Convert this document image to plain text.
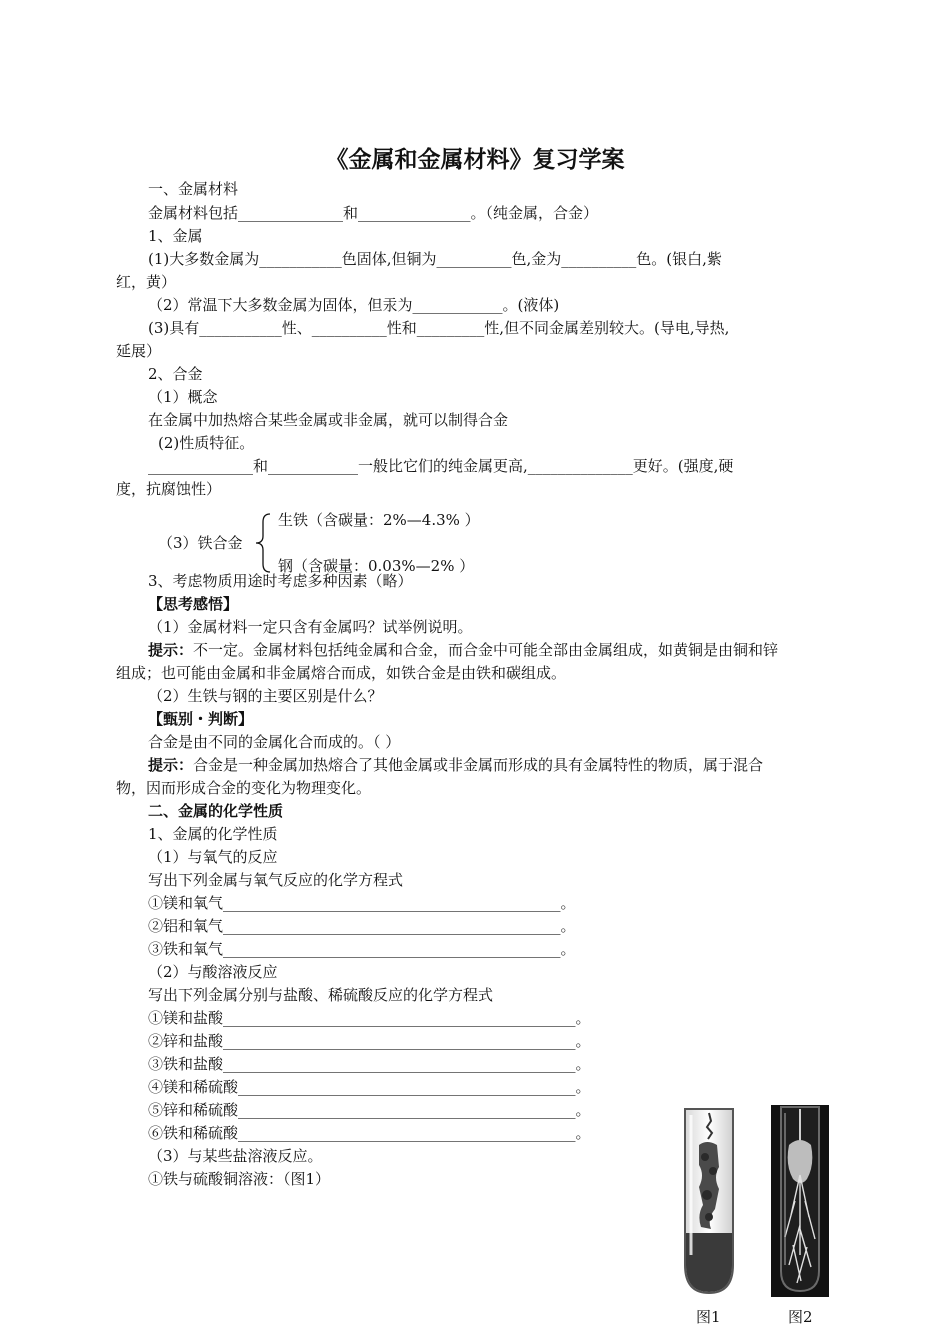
《金属和金属材料》复习学案
一、金属材料
金属材料包括______________和_______________。（纯金属，合金）
1、金属
(1)大多数金属为___________色固体,但铜为__________色,金为__________色。(银白,紫
红，黄）
（2）常温下大多数金属为固体，但汞为____________。(液体)
(3)具有___________性、__________性和_________性,但不同金属差别较大。(导电,导热,
延展）
2、合金
（1）概念
在金属中加热熔合某些金属或非金属，就可以制得合金
(2)性质特征。
______________和____________一般比它们的纯金属更高,______________更好。(强度,硬
度，抗腐蚀性）
（3）铁合金
生铁（含碳量：2%—4.3% ）
钢（含碳量：0.03%—2% ）
3、考虑物质用途时考虑多种因素（略）
【思考感悟】
（1）金属材料一定只含有金属吗？试举例说明。
提示：不一定。金属材料包括纯金属和合金，而合金中可能全部由金属组成，如黄铜是由铜和锌
组成；也可能由金属和非金属熔合而成，如铁合金是由铁和碳组成。
（2）生铁与钢的主要区别是什么？
【甄别・判断】
合金是由不同的金属化合而成的。（ ）
提示：合金是一种金属加热熔合了其他金属或非金属而形成的具有金属特性的物质，属于混合
物，因而形成合金的变化为物理变化。
二、金属的化学性质
1、金属的化学性质
（1）与氧气的反应
写出下列金属与氧气反应的化学方程式
①镁和氧气_____________________________________________。
②铝和氧气_____________________________________________。
③铁和氧气_____________________________________________。
（2）与酸溶液反应
写出下列金属分别与盐酸、稀硫酸反应的化学方程式
①镁和盐酸_______________________________________________。
②锌和盐酸_______________________________________________。
③铁和盐酸_______________________________________________。
④镁和稀硫酸_____________________________________________。
⑤锌和稀硫酸_____________________________________________。
⑥铁和稀硫酸_____________________________________________。
（3）与某些盐溶液反应。
①铁与硫酸铜溶液：（图1）
图1	图2
